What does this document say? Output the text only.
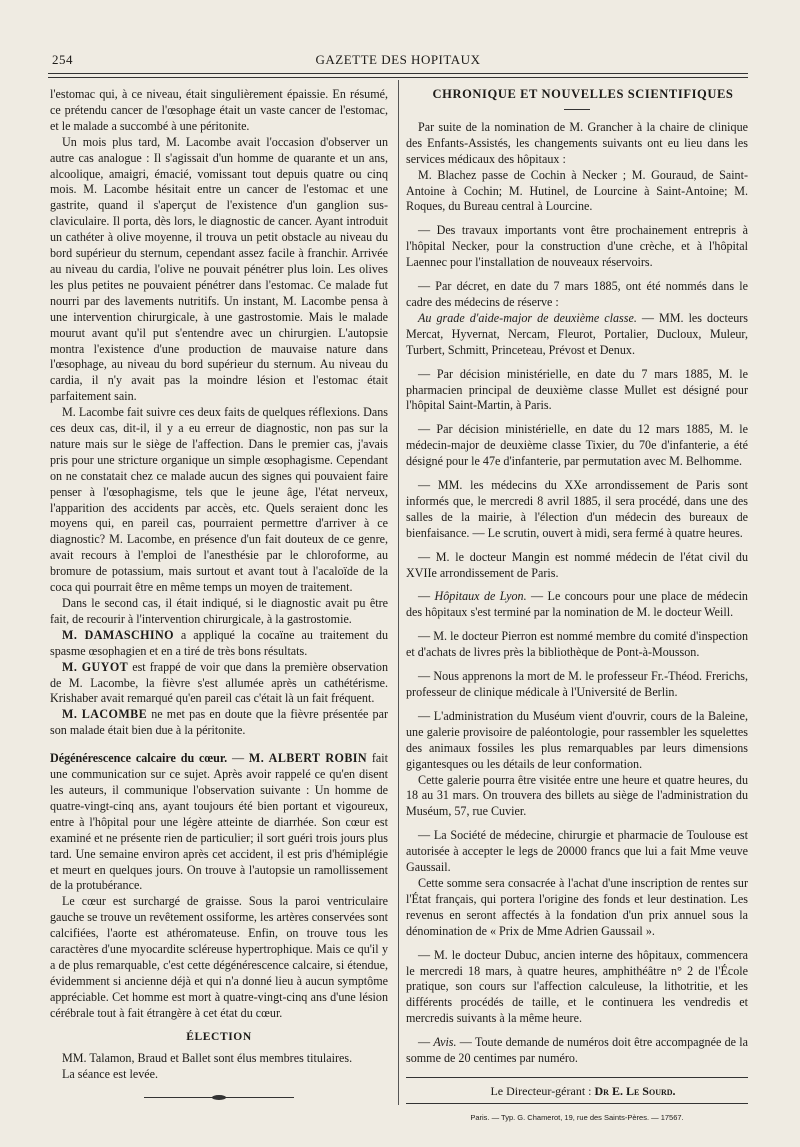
254	GAZETTE DES HOPITAUX

l'estomac qui, à ce niveau, était singulièrement épaissie. En résumé, ce prétendu cancer de l'œsophage était un vaste cancer de l'estomac, et le malade a succombé à une péritonite.

Un mois plus tard, M. Lacombe avait l'occasion d'observer un autre cas analogue : Il s'agissait d'un homme de quarante et un ans, alcoolique, amaigri, émacié, vomissant tout depuis quatre ou cinq mois. M. Lacombe hésitait entre un cancer de l'estomac et une gastrite, quand il s'aperçut de l'existence d'un ganglion sus-claviculaire. Il porta, dès lors, le diagnostic de cancer. Ayant introduit un cathéter à olive moyenne, il trouva un petit obstacle au niveau du bord supérieur du sternum, cependant assez facile à franchir. Arrivée au niveau du cardia, l'olive ne pouvait pénétrer plus loin. Les olives les plus petites ne pouvaient pénétrer dans l'estomac. Ce malade fut nourri par des lavements nutritifs. Un instant, M. Lacombe pensa à une intervention chirurgicale, à une gastrostomie. Mais le malade mourut avant qu'il put s'entendre avec un chirurgien. L'autopsie montra l'existence d'une production de mauvaise nature dans l'œsophage, au niveau du bord supérieur du sternum. Au niveau du cardia, il n'y avait pas la moindre lésion et l'estomac était parfaitement sain.

M. Lacombe fait suivre ces deux faits de quelques réflexions. Dans ces deux cas, dit-il, il y a eu erreur de diagnostic, non pas sur la nature mais sur le siège de l'affection. Dans le premier cas, j'avais pris pour une stricture organique un simple œsophagisme. Cependant on ne constatait chez ce malade aucun des signes qui pouvaient faire penser à l'œsophagisme, tels que le jeune âge, l'état nerveux, l'apparition des accidents par accès, etc. Quels seraient donc les moyens qui, en pareil cas, pourraient permettre d'arriver à ce diagnostic? M. Lacombe, en présence d'un fait douteux de ce genre, avait recours à l'emploi de l'anesthésie par le chloroforme, au bromure de potassium, mais surtout et avant tout à l'acaloïde de la coca qui pourrait être en même temps un moyen de traitement.

Dans le second cas, il était indiqué, si le diagnostic avait pu être fait, de recourir à l'intervention chirurgicale, à la gastrostomie.

M. DAMASCHINO a appliqué la cocaïne au traitement du spasme œsophagien et en a tiré de très bons résultats.

M. GUYOT est frappé de voir que dans la première observation de M. Lacombe, la fièvre s'est allumée après un cathétérisme. Krishaber avait remarqué qu'en pareil cas c'était là un fait fréquent.

M. LACOMBE ne met pas en doute que la fièvre présentée par son malade était bien due à la péritonite.

Dégénérescence calcaire du cœur. — M. ALBERT ROBIN fait une communication sur ce sujet. Après avoir rappelé ce qu'en disent les auteurs, il communique l'observation suivante : Un homme de quatre-vingt-cinq ans, ayant toujours été bien portant et vigoureux, entre à l'hôpital pour une légère atteinte de diarrhée. Son cœur est examiné et ne présente rien de particulier; il sort guéri trois jours plus tard. Une semaine environ après cet accident, il est pris d'hémiplégie et meurt en quelques jours. On trouve à l'autopsie un ramollissement de la protubérance.

Le cœur est surchargé de graisse. Sous la paroi ventriculaire gauche se trouve un revêtement ossiforme, les artères conservées sont calcifiées, l'aorte est athéromateuse. Enfin, on trouve tous les caractères d'une myocardite scléreuse hypertrophique. Mais ce qu'il y a de plus remarquable, c'est cette dégénérescence calcaire, si étendue, évidemment si ancienne déjà et qui n'a donné lieu à aucun symptôme appréciable. Cet homme est mort à quatre-vingt-cinq ans d'une lésion cérébrale tout à fait étrangère à cet état du cœur.

ÉLECTION

MM. Talamon, Braud et Ballet sont élus membres titulaires.

La séance est levée.

CHRONIQUE ET NOUVELLES SCIENTIFIQUES

Par suite de la nomination de M. Grancher à la chaire de clinique des Enfants-Assistés, les changements suivants ont eu lieu dans les services médicaux des hôpitaux :

M. Blachez passe de Cochin à Necker ; M. Gouraud, de Saint-Antoine à Cochin; M. Hutinel, de Lourcine à Saint-Antoine; M. Roques, du Bureau central à Lourcine.

— Des travaux importants vont être prochainement entrepris à l'hôpital Necker, pour la construction d'une crèche, et à l'hôpital Laennec pour l'installation de nouveaux réservoirs.

— Par décret, en date du 7 mars 1885, ont été nommés dans le cadre des médecins de réserve :

Au grade d'aide-major de deuxième classe. — MM. les docteurs Mercat, Hyvernat, Nercam, Fleurot, Portalier, Ducloux, Muleur, Turbert, Schmitt, Princeteau, Prévost et Denux.

— Par décision ministérielle, en date du 7 mars 1885, M. le pharmacien principal de deuxième classe Mullet est désigné pour l'hôpital Saint-Martin, à Paris.

— Par décision ministérielle, en date du 12 mars 1885, M. le médecin-major de deuxième classe Tixier, du 70e d'infanterie, a été désigné pour le 47e d'infanterie, par permutation avec M. Belhomme.

— MM. les médecins du XXe arrondissement de Paris sont informés que, le mercredi 8 avril 1885, il sera procédé, dans une des salles de la mairie, à l'élection d'un médecin des bureaux de bienfaisance. — Le scrutin, ouvert à midi, sera fermé à quatre heures.

— M. le docteur Mangin est nommé médecin de l'état civil du XVIIe arrondissement de Paris.

— Hôpitaux de Lyon. — Le concours pour une place de médecin des hôpitaux s'est terminé par la nomination de M. le docteur Weill.

— M. le docteur Pierron est nommé membre du comité d'inspection et d'achats de livres près la bibliothèque de Pont-à-Mousson.

— Nous apprenons la mort de M. le professeur Fr.-Théod. Frerichs, professeur de clinique médicale à l'Université de Berlin.

— L'administration du Muséum vient d'ouvrir, cours de la Baleine, une galerie provisoire de paléontologie, pour rassembler les squelettes des animaux fossiles les plus remarquables par leurs dimensions gigantesques ou les détails de leur conformation.

Cette galerie pourra être visitée entre une heure et quatre heures, du 18 au 31 mars. On trouvera des billets au siège de l'administration du Muséum, 57, rue Cuvier.

— La Société de médecine, chirurgie et pharmacie de Toulouse est autorisée à accepter le legs de 20000 francs que lui a fait Mme veuve Gaussail.

Cette somme sera consacrée à l'achat d'une inscription de rentes sur l'État français, qui portera l'origine des fonds et leur destination. Les revenus en seront affectés à la fondation d'un prix annuel sous la dénomination de « Prix de Mme Adrien Gaussail ».

— M. le docteur Dubuc, ancien interne des hôpitaux, commencera le mercredi 18 mars, à quatre heures, amphithéâtre n° 2 de l'École pratique, son cours sur l'affection calculeuse, la lithotritie, et les différents procédés de taille, et le continuera les vendredis et mercredis suivants à la même heure.

— Avis. — Toute demande de numéros doit être accompagnée de la somme de 20 centimes par numéro.

Le Directeur-gérant : Dr E. Le Sourd.

Paris. — Typ. G. Chamerot, 19, rue des Saints-Pères. — 17567.
